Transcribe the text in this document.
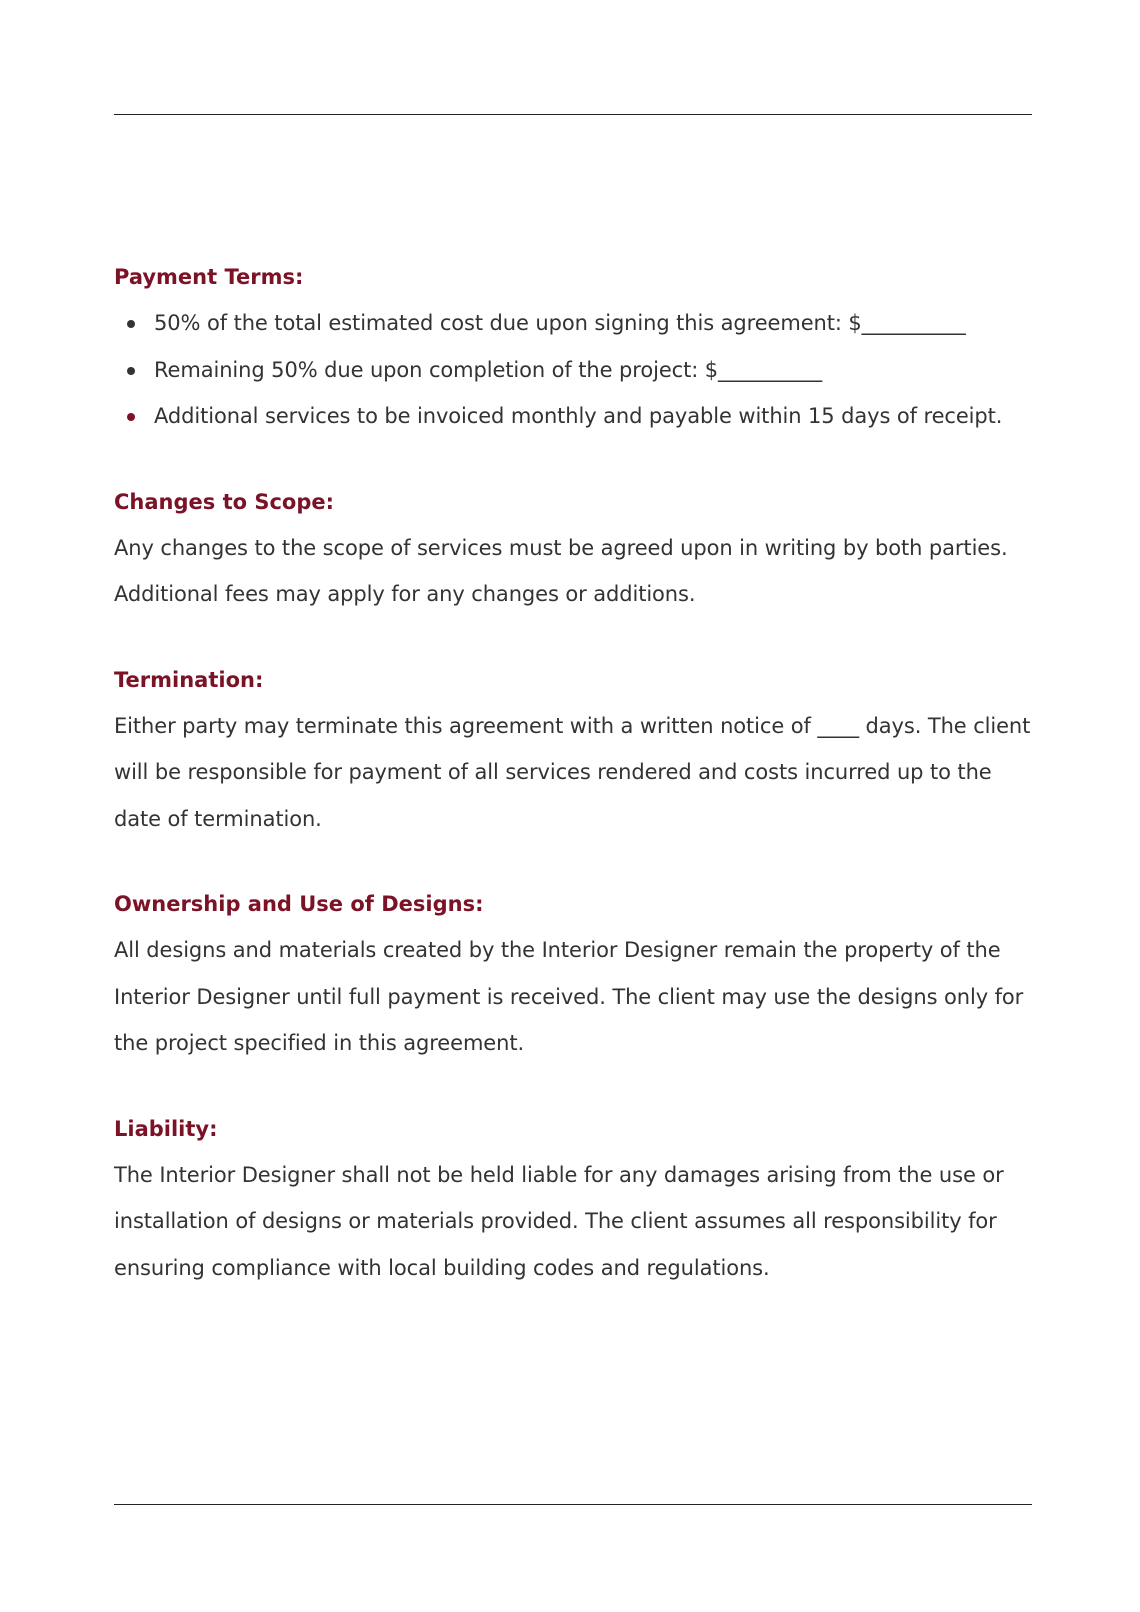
Payment Terms:
50% of the total estimated cost due upon signing this agreement: $__________
Remaining 50% due upon completion of the project: $__________
Additional services to be invoiced monthly and payable within 15 days of receipt.
Changes to Scope:

Any changes to the scope of services must be agreed upon in writing by both parties. Additional fees may apply for any changes or additions.

Termination:

Either party may terminate this agreement with a written notice of ____ days. The client will be responsible for payment of all services rendered and costs incurred up to the date of termination.

Ownership and Use of Designs:

All designs and materials created by the Interior Designer remain the property of the Interior Designer until full payment is received. The client may use the designs only for the project specified in this agreement.

Liability:

The Interior Designer shall not be held liable for any damages arising from the use or installation of designs or materials provided. The client assumes all responsibility for ensuring compliance with local building codes and regulations.
